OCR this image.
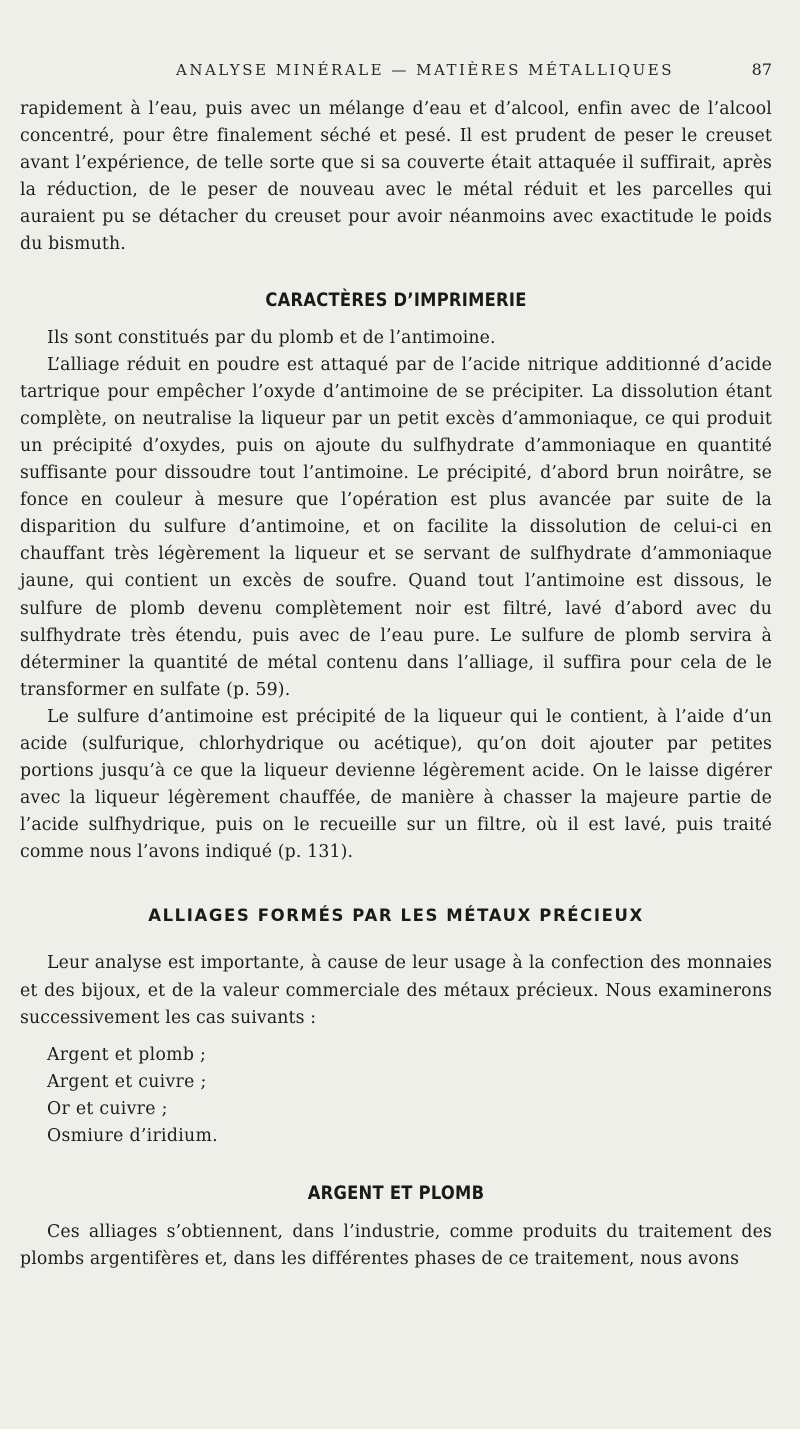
ANALYSE MINÉRALE — MATIÈRES MÉTALLIQUES	87

rapidement à l’eau, puis avec un mélange d’eau et d’alcool, enfin avec de l’alcool concentré, pour être finalement séché et pesé. Il est prudent de peser le creuset avant l’expérience, de telle sorte que si sa couverte était attaquée il suffirait, après la réduction, de le peser de nouveau avec le métal réduit et les parcelles qui auraient pu se détacher du creuset pour avoir néanmoins avec exactitude le poids du bismuth.

CARACTÈRES D’IMPRIMERIE

Ils sont constitués par du plomb et de l’antimoine.

L’alliage réduit en poudre est attaqué par de l’acide nitrique additionné d’acide tartrique pour empêcher l’oxyde d’antimoine de se précipiter. La dissolution étant complète, on neutralise la liqueur par un petit excès d’ammoniaque, ce qui produit un précipité d’oxydes, puis on ajoute du sulfhydrate d’ammoniaque en quantité suffisante pour dissoudre tout l’antimoine. Le précipité, d’abord brun noirâtre, se fonce en couleur à mesure que l’opération est plus avancée par suite de la disparition du sulfure d’antimoine, et on facilite la dissolution de celui-ci en chauffant très légèrement la liqueur et se servant de sulfhydrate d’ammoniaque jaune, qui contient un excès de soufre. Quand tout l’antimoine est dissous, le sulfure de plomb devenu complètement noir est filtré, lavé d’abord avec du sulfhydrate très étendu, puis avec de l’eau pure. Le sulfure de plomb servira à déterminer la quantité de métal contenu dans l’alliage, il suffira pour cela de le transformer en sulfate (p. 59).

Le sulfure d’antimoine est précipité de la liqueur qui le contient, à l’aide d’un acide (sulfurique, chlorhydrique ou acétique), qu’on doit ajouter par petites portions jusqu’à ce que la liqueur devienne légèrement acide. On le laisse digérer avec la liqueur légèrement chauffée, de manière à chasser la majeure partie de l’acide sulfhydrique, puis on le recueille sur un filtre, où il est lavé, puis traité comme nous l’avons indiqué (p. 131).

ALLIAGES FORMÉS PAR LES MÉTAUX PRÉCIEUX

Leur analyse est importante, à cause de leur usage à la confection des monnaies et des bijoux, et de la valeur commerciale des métaux précieux. Nous examinerons successivement les cas suivants :

Argent et plomb ;
Argent et cuivre ;
Or et cuivre ;
Osmiure d’iridium.
ARGENT ET PLOMB

Ces alliages s’obtiennent, dans l’industrie, comme produits du traitement des plombs argentifères et, dans les différentes phases de ce traitement, nous avons
